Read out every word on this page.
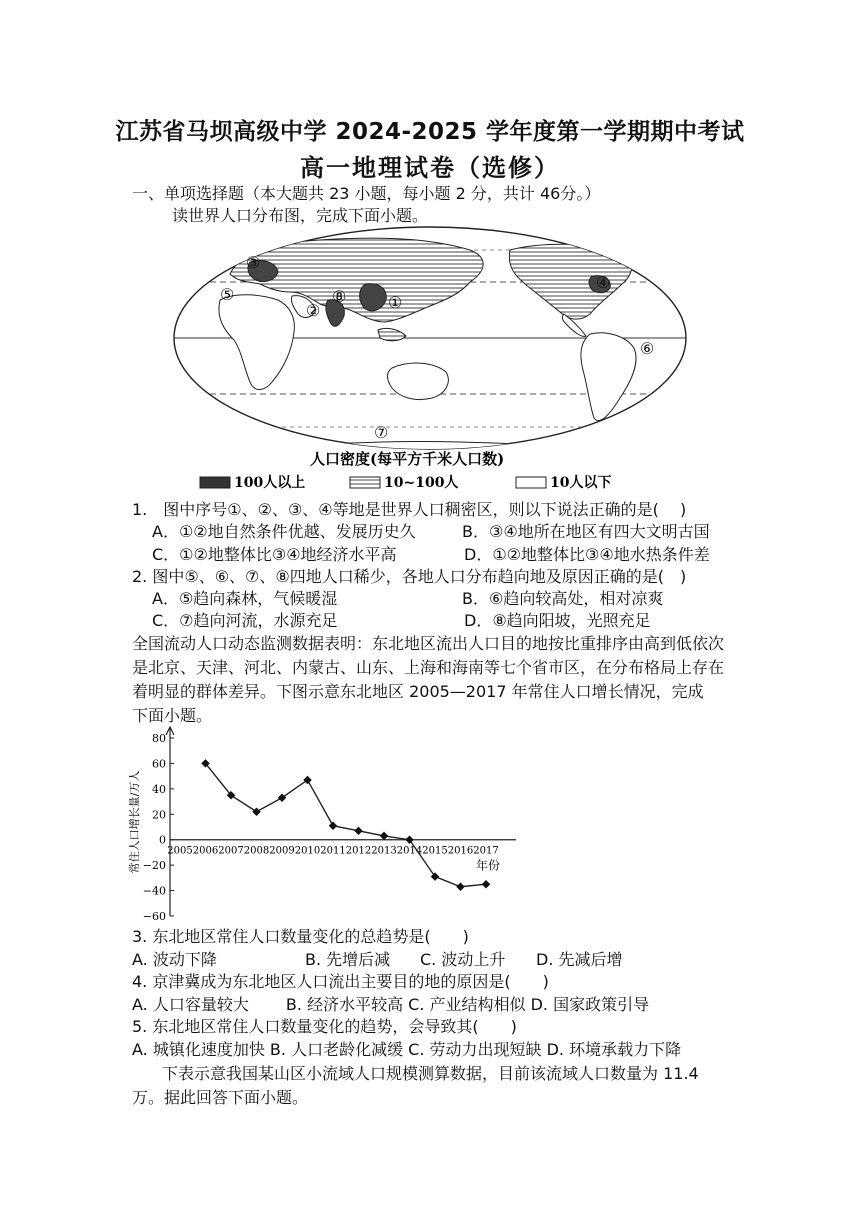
江苏省马坝高级中学 2024-2025 学年度第一学期期中考试
高一地理试卷（选修）
一、单项选择题（本大题共 23 小题，每小题 2 分，共计 46分。）
读世界人口分布图，完成下面小题。
①
②
③
④
⑤
⑥
⑦
⑧
人口密度(每平方千米人口数)
100人以上	10~100人	10人以下
1.　图中序号①、②、③、④等地是世界人口稠密区，则以下说法正确的是(　 )
A．①②地自然条件优越、发展历史久	B．③④地所在地区有四大文明古国
C．①②地整体比③④地经济水平高	D．①②地整体比③④地水热条件差
2. 图中⑤、⑥、⑦、⑧四地人口稀少，各地人口分布趋向地及原因正确的是(　)
A．⑤趋向森林，气候暖湿	B．⑥趋向较高处，相对凉爽
C．⑦趋向河流，水源充足	D．⑧趋向阳坡，光照充足
全国流动人口动态监测数据表明：东北地区流出人口目的地按比重排序由高到低依次
是北京、天津、河北、内蒙古、山东、上海和海南等七个省市区，在分布格局上存在
着明显的群体差异。下图示意东北地区 2005—2017 年常住人口增长情况，完成
下面小题。
80
60
40
20
0
−20
−40
−60
2005 2006 2007 2008 2009 2010 2011 2012 2013 2014 2015 2016 2017
常住人口增长量/万人	年份
3. 东北地区常住人口数量变化的总趋势是(　　)
A. 波动下降	B. 先增后减 C. 波动上升 D. 先减后增
4. 京津冀成为东北地区人口流出主要目的地的原因是(　　)
A. 人口容量较大　　 B. 经济水平较高 C. 产业结构相似 D. 国家政策引导
5. 东北地区常住人口数量变化的趋势，会导致其(　　)
A. 城镇化速度加快 B. 人口老龄化减缓 C. 劳动力出现短缺 D. 环境承载力下降
下表示意我国某山区小流域人口规模测算数据，目前该流域人口数量为 11.4
万。据此回答下面小题。
